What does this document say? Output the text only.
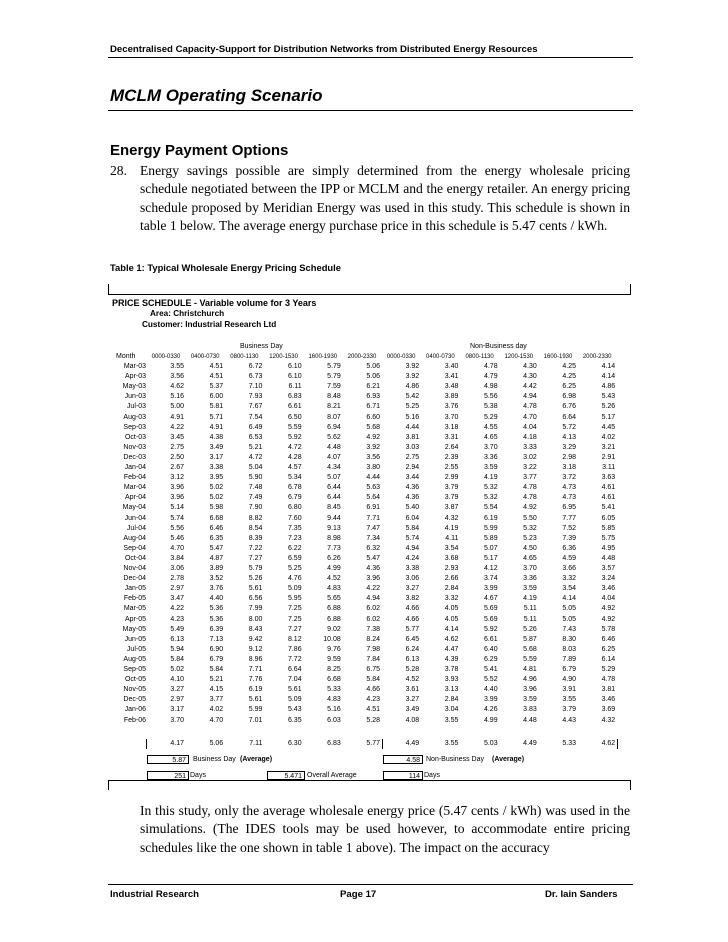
Decentralised Capacity-Support for Distribution Networks from Distributed Energy Resources
MCLM Operating Scenario
Energy Payment Options
28. Energy savings possible are simply determined from the energy wholesale pricing schedule negotiated between the IPP or MCLM and the energy retailer. An energy pricing schedule proposed by Meridian Energy was used in this study. This schedule is shown in table 1 below. The average energy purchase price in this schedule is 5.47 cents / kWh.
Table 1: Typical Wholesale Energy Pricing Schedule
PRICE SCHEDULE - Variable volume for 3 Years
Area: Christchurch
Customer: Industrial Research Ltd
Business Day	Non-Business day
Month	0000-0330	0400-0730	0800-1130	1200-1530	1600-1930	2000-2330	0000-0330	0400-0730	0800-1130	1200-1530	1600-1930	2000-2330
Mar-03	3.55	4.51	6.72	6.10	5.79	5.06	3.92	3.40	4.78	4.30	4.25	4.14
Apr-03	3.56	4.51	6.73	6.10	5.79	5.06	3.92	3.41	4.79	4.30	4.25	4.14
May-03	4.62	5.37	7.10	6.11	7.59	6.21	4.86	3.48	4.98	4.42	6.25	4.86
Jun-03	5.16	6.00	7.93	6.83	8.48	6.93	5.42	3.89	5.56	4.94	6.98	5.43
Jul-03	5.00	5.81	7.67	6.61	8.21	6.71	5.25	3.76	5.38	4.78	6.76	5.26
Aug-03	4.91	5.71	7.54	6.50	8.07	6.60	5.16	3.70	5.29	4.70	6.64	5.17
Sep-03	4.22	4.91	6.49	5.59	6.94	5.68	4.44	3.18	4.55	4.04	5.72	4.45
Oct-03	3.45	4.38	6.53	5.92	5.62	4.92	3.81	3.31	4.65	4.18	4.13	4.02
Nov-03	2.75	3.49	5.21	4.72	4.48	3.92	3.03	2.64	3.70	3.33	3.29	3.21
Dec-03	2.50	3.17	4.72	4.28	4.07	3.56	2.75	2.39	3.36	3.02	2.98	2.91
Jan-04	2.67	3.38	5.04	4.57	4.34	3.80	2.94	2.55	3.59	3.22	3.18	3.11
Feb-04	3.12	3.95	5.90	5.34	5.07	4.44	3.44	2.99	4.19	3.77	3.72	3.63
Mar-04	3.96	5.02	7.48	6.78	6.44	5.63	4.36	3.79	5.32	4.78	4.73	4.61
Apr-04	3.96	5.02	7.49	6.79	6.44	5.64	4.36	3.79	5.32	4.78	4.73	4.61
May-04	5.14	5.98	7.90	6.80	8.45	6.91	5.40	3.87	5.54	4.92	6.95	5.41
Jun-04	5.74	6.68	8.82	7.60	9.44	7.71	6.04	4.32	6.19	5.50	7.77	6.05
Jul-04	5.56	6.46	8.54	7.35	9.13	7.47	5.84	4.19	5.99	5.32	7.52	5.85
Aug-04	5.46	6.35	8.39	7.23	8.98	7.34	5.74	4.11	5.89	5.23	7.39	5.75
Sep-04	4.70	5.47	7.22	6.22	7.73	6.32	4.94	3.54	5.07	4.50	6.36	4.95
Oct-04	3.84	4.87	7.27	6.59	6.26	5.47	4.24	3.68	5.17	4.65	4.59	4.48
Nov-04	3.06	3.89	5.79	5.25	4.99	4.36	3.38	2.93	4.12	3.70	3.66	3.57
Dec-04	2.78	3.52	5.26	4.76	4.52	3.96	3.06	2.66	3.74	3.36	3.32	3.24
Jan-05	2.97	3.76	5.61	5.09	4.83	4.22	3.27	2.84	3.99	3.59	3.54	3.46
Feb-05	3.47	4.40	6.56	5.95	5.65	4.94	3.82	3.32	4.67	4.19	4.14	4.04
Mar-05	4.22	5.36	7.99	7.25	6.88	6.02	4.66	4.05	5.69	5.11	5.05	4.92
Apr-05	4.23	5.36	8.00	7.25	6.88	6.02	4.66	4.05	5.69	5.11	5.05	4.92
May-05	5.49	6.39	8.43	7.27	9.02	7.38	5.77	4.14	5.92	5.26	7.43	5.78
Jun-05	6.13	7.13	9.42	8.12	10.08	8.24	6.45	4.62	6.61	5.87	8.30	6.46
Jul-05	5.94	6.90	9.12	7.86	9.76	7.98	6.24	4.47	6.40	5.68	8.03	6.25
Aug-05	5.84	6.79	8.96	7.72	9.59	7.84	6.13	4.39	6.29	5.59	7.89	6.14
Sep-05	5.02	5.84	7.71	6.64	8.25	6.75	5.28	3.78	5.41	4.81	6.79	5.29
Oct-05	4.10	5.21	7.76	7.04	6.68	5.84	4.52	3.93	5.52	4.96	4.90	4.78
Nov-05	3.27	4.15	6.19	5.61	5.33	4.66	3.61	3.13	4.40	3.96	3.91	3.81
Dec-05	2.97	3.77	5.61	5.09	4.83	4.23	3.27	2.84	3.99	3.59	3.55	3.46
Jan-06	3.17	4.02	5.99	5.43	5.16	4.51	3.49	3.04	4.26	3.83	3.79	3.69
Feb-06	3.70	4.70	7.01	6.35	6.03	5.28	4.08	3.55	4.99	4.48	4.43	4.32
4.17	5.06	7.11	6.30	6.83	5.77	4.49	3.55	5.03	4.49	5.33	4.62
5.87	Business Day (Average)	4.58 Non-Business Day (Average)
251 Days	5.471 Overall Average	114 Days
In this study, only the average wholesale energy price (5.47 cents / kWh) was used in the simulations. (The IDES tools may be used however, to accommodate entire pricing schedules like the one shown in table 1 above). The impact on the accuracy
Industrial Research	Page 17	Dr. Iain Sanders
